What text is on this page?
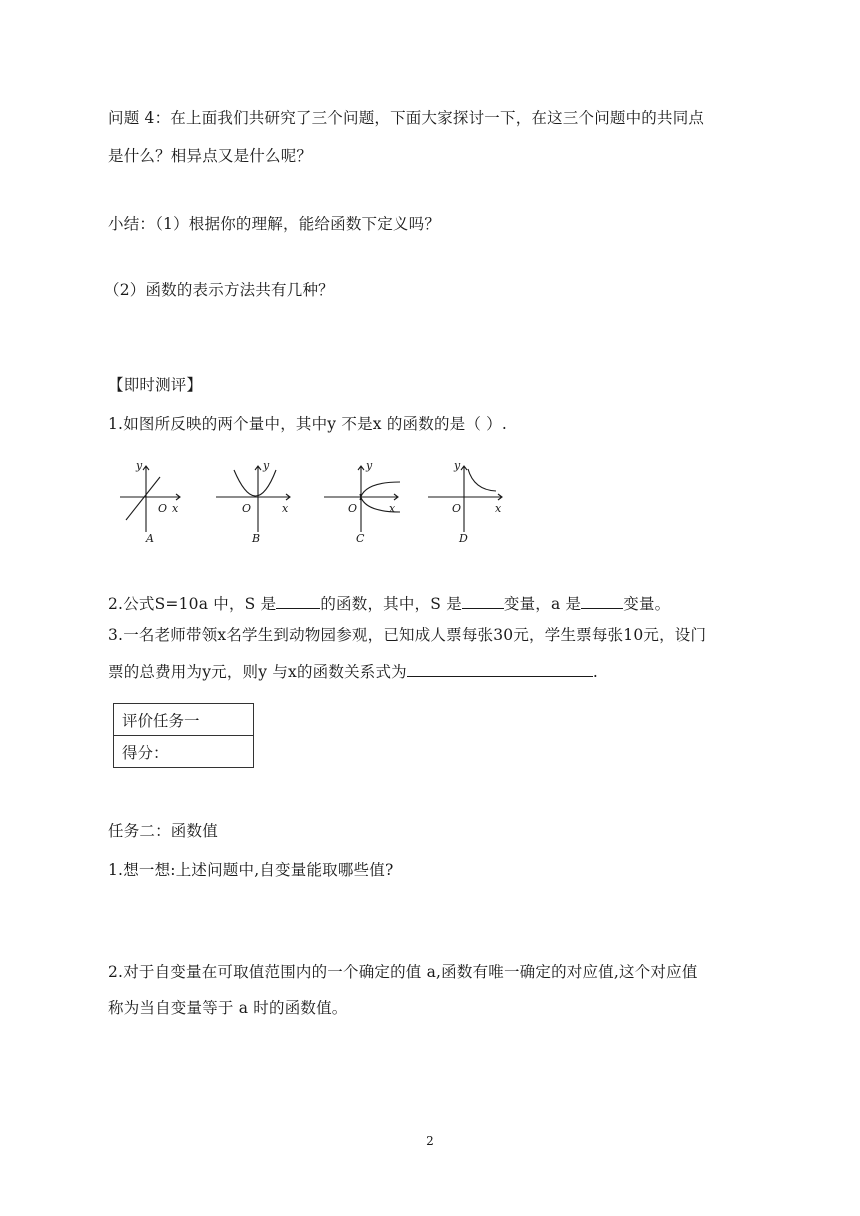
问题 4：在上面我们共研究了三个问题，下面大家探讨一下，在这三个问题中的共同点
是什么？相异点又是什么呢？
小结：（1）根据你的理解，能给函数下定义吗？
（2）函数的表示方法共有几种？
【即时测评】
1.如图所反映的两个量中，其中y 不是x 的函数的是（ ）.
y
O x
A
y
O	x
B
y
O	x
C
y
O	x
D
2.公式S=10a 中，S 是	的函数，其中，S 是	变量，a 是	变量。
3.一名老师带领x名学生到动物园参观，已知成人票每张30元，学生票每张10元，设门
票的总费用为y元，则y 与x的函数关系式为	.
评价任务一
得分：
任务二：函数值
1.想一想:上述问题中,自变量能取哪些值?
2.对于自变量在可取值范围内的一个确定的值 a,函数有唯一确定的对应值,这个对应值
称为当自变量等于 a 时的函数值。
2
